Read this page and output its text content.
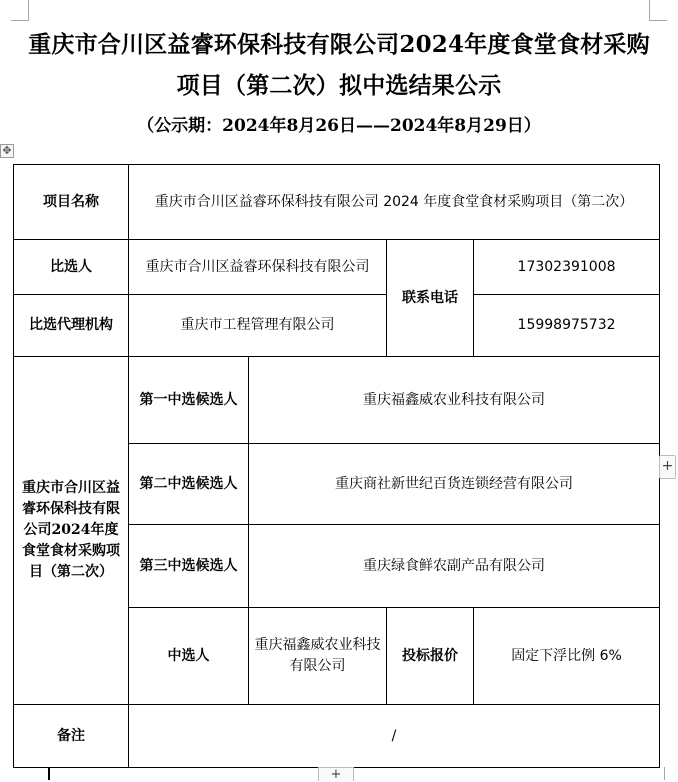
重庆市合川区益睿环保科技有限公司2024年度食堂食材采购
项目（第二次）拟中选结果公示
（公示期：2024年8月26日——2024年8月29日）
✥
项目名称	重庆市合川区益睿环保科技有限公司 2024 年度食堂食材采购项目（第二次）			
比选人	重庆市合川区益睿环保科技有限公司		联系电话	17302391008
比选代理机构	重庆市工程管理有限公司			15998975732
重庆市合川区益睿环保科技有限公司2024年度食堂食材采购项目（第二次）	第一中选候选人	重庆福鑫威农业科技有限公司		
	第二中选候选人	重庆商社新世纪百货连锁经营有限公司		
	第三中选候选人	重庆绿食鲜农副产品有限公司		
	中选人	重庆福鑫威农业科技有限公司	投标报价	固定下浮比例 6%
备注	/			
+
+
